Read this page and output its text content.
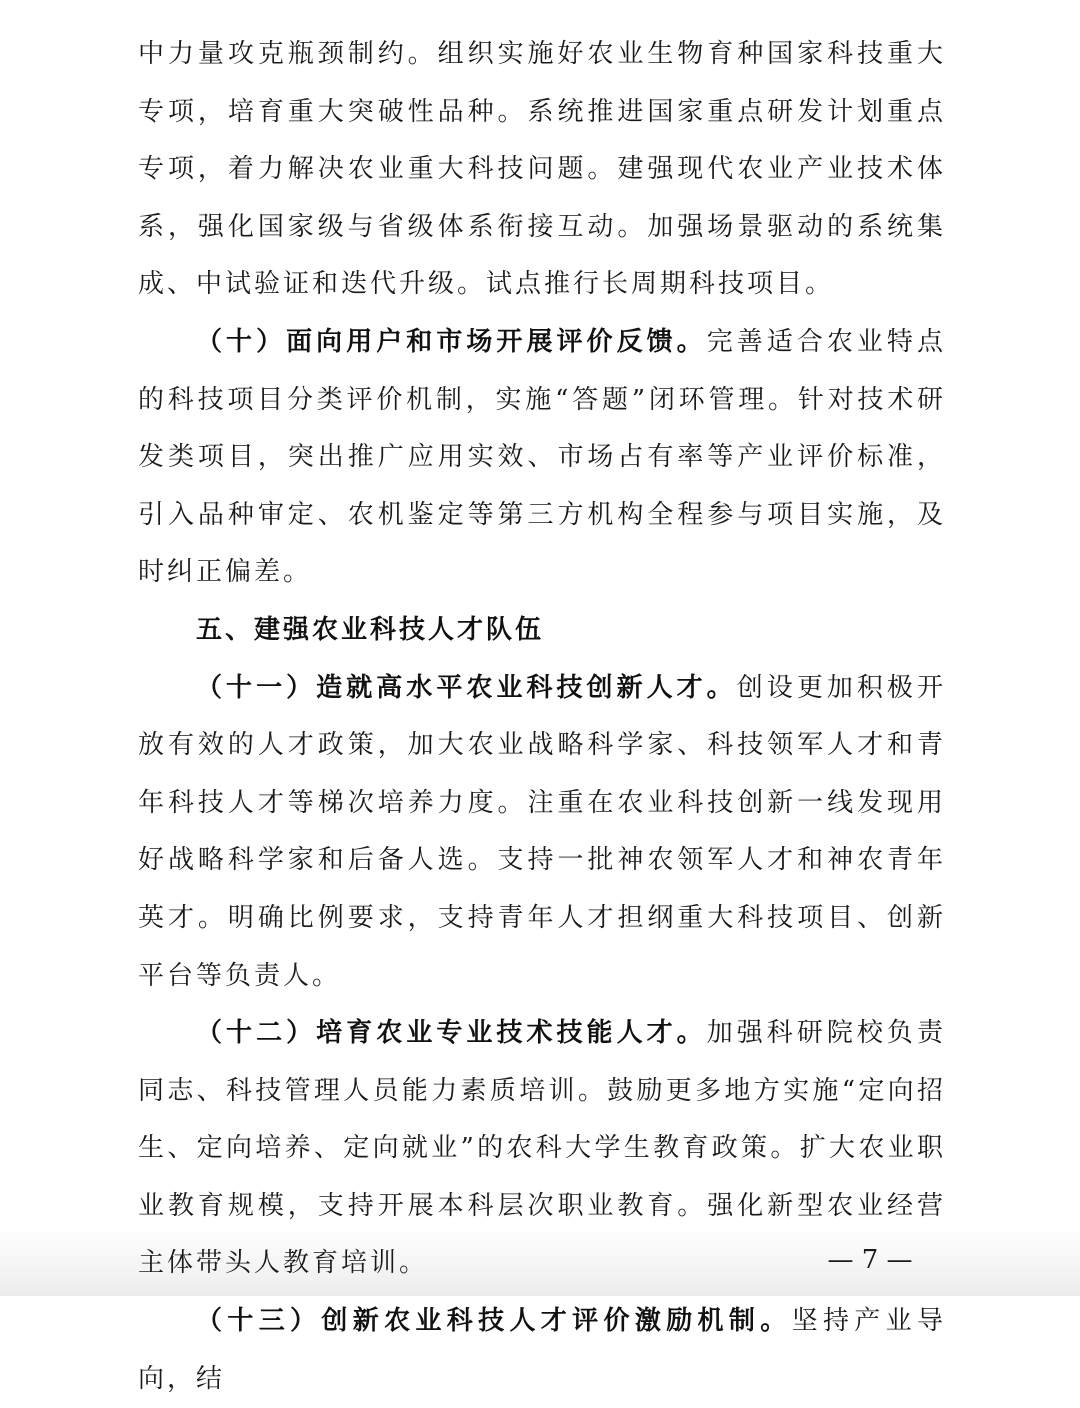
中力量攻克瓶颈制约。组织实施好农业生物育种国家科技重大专项，培育重大突破性品种。系统推进国家重点研发计划重点专项，着力解决农业重大科技问题。建强现代农业产业技术体系，强化国家级与省级体系衔接互动。加强场景驱动的系统集成、中试验证和迭代升级。试点推行长周期科技项目。

（十）面向用户和市场开展评价反馈。完善适合农业特点的科技项目分类评价机制，实施“答题”闭环管理。针对技术研发类项目，突出推广应用实效、市场占有率等产业评价标准，引入品种审定、农机鉴定等第三方机构全程参与项目实施，及时纠正偏差。

五、建强农业科技人才队伍

（十一）造就高水平农业科技创新人才。创设更加积极开放有效的人才政策，加大农业战略科学家、科技领军人才和青年科技人才等梯次培养力度。注重在农业科技创新一线发现用好战略科学家和后备人选。支持一批神农领军人才和神农青年英才。明确比例要求，支持青年人才担纲重大科技项目、创新平台等负责人。

（十二）培育农业专业技术技能人才。加强科研院校负责同志、科技管理人员能力素质培训。鼓励更多地方实施“定向招生、定向培养、定向就业”的农科大学生教育政策。扩大农业职业教育规模，支持开展本科层次职业教育。强化新型农业经营主体带头人教育培训。

（十三）创新农业科技人才评价激励机制。坚持产业导向，结

— 7 —
